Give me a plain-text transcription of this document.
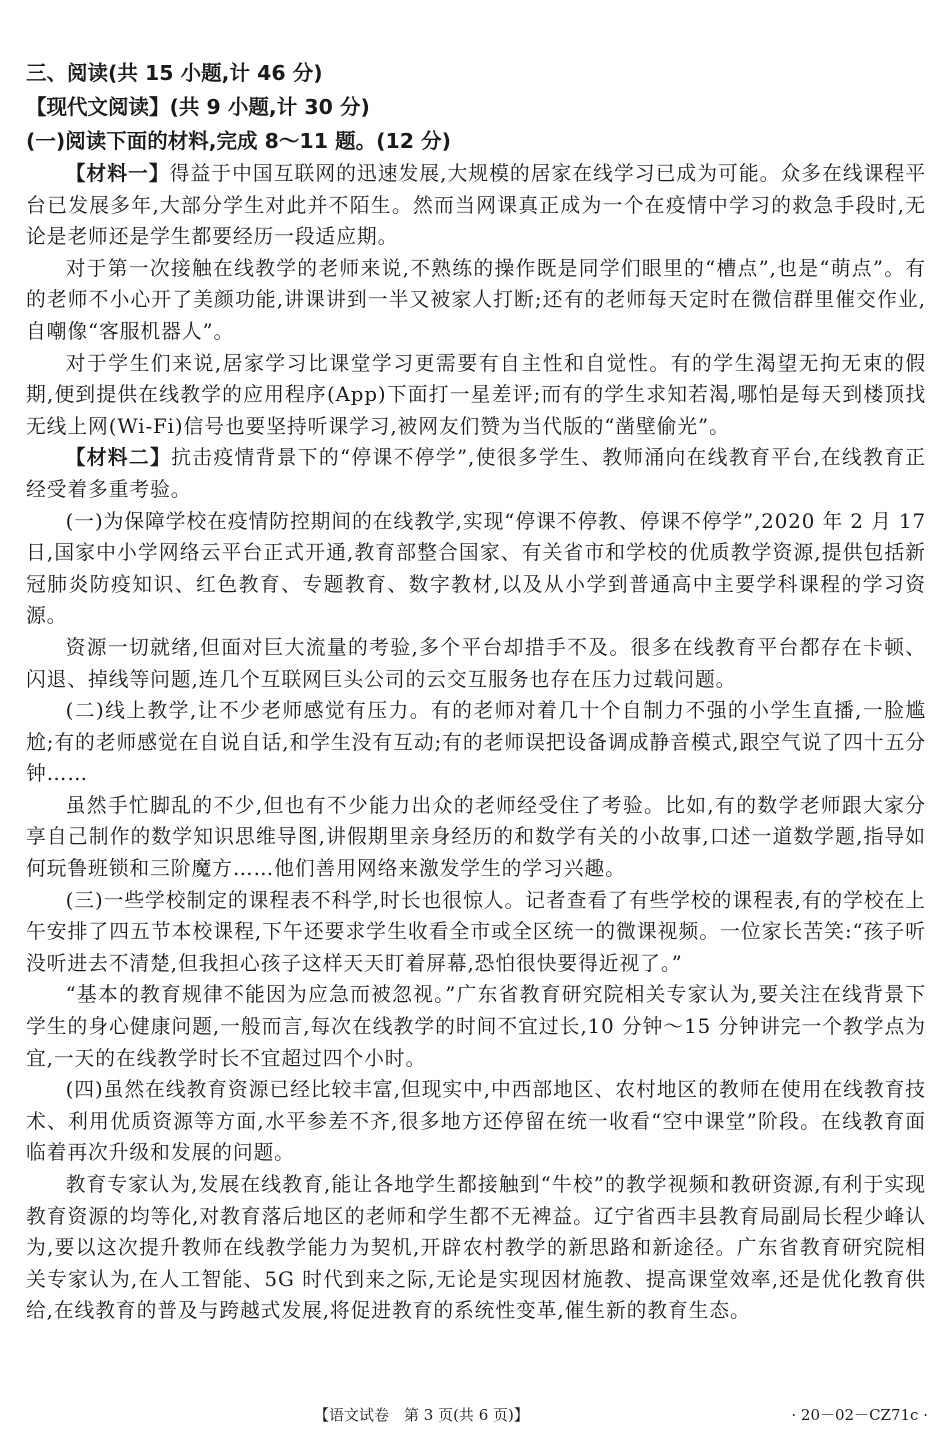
三、阅读(共 15 小题,计 46 分)
【现代文阅读】(共 9 小题,计 30 分)
(一)阅读下面的材料,完成 8～11 题。(12 分)

【材料一】得益于中国互联网的迅速发展,大规模的居家在线学习已成为可能。众多在线课程平台已发展多年,大部分学生对此并不陌生。然而当网课真正成为一个在疫情中学习的救急手段时,无论是老师还是学生都要经历一段适应期。

对于第一次接触在线教学的老师来说,不熟练的操作既是同学们眼里的“槽点”,也是“萌点”。有的老师不小心开了美颜功能,讲课讲到一半又被家人打断;还有的老师每天定时在微信群里催交作业,自嘲像“客服机器人”。

对于学生们来说,居家学习比课堂学习更需要有自主性和自觉性。有的学生渴望无拘无束的假期,便到提供在线教学的应用程序(App)下面打一星差评;而有的学生求知若渴,哪怕是每天到楼顶找无线上网(Wi-Fi)信号也要坚持听课学习,被网友们赞为当代版的“凿壁偷光”。

【材料二】抗击疫情背景下的“停课不停学”,使很多学生、教师涌向在线教育平台,在线教育正经受着多重考验。

(一)为保障学校在疫情防控期间的在线教学,实现“停课不停教、停课不停学”,2020 年 2 月 17 日,国家中小学网络云平台正式开通,教育部整合国家、有关省市和学校的优质教学资源,提供包括新冠肺炎防疫知识、红色教育、专题教育、数字教材,以及从小学到普通高中主要学科课程的学习资源。

资源一切就绪,但面对巨大流量的考验,多个平台却措手不及。很多在线教育平台都存在卡顿、闪退、掉线等问题,连几个互联网巨头公司的云交互服务也存在压力过载问题。

(二)线上教学,让不少老师感觉有压力。有的老师对着几十个自制力不强的小学生直播,一脸尴尬;有的老师感觉在自说自话,和学生没有互动;有的老师误把设备调成静音模式,跟空气说了四十五分钟……

虽然手忙脚乱的不少,但也有不少能力出众的老师经受住了考验。比如,有的数学老师跟大家分享自己制作的数学知识思维导图,讲假期里亲身经历的和数学有关的小故事,口述一道数学题,指导如何玩鲁班锁和三阶魔方……他们善用网络来激发学生的学习兴趣。

(三)一些学校制定的课程表不科学,时长也很惊人。记者查看了有些学校的课程表,有的学校在上午安排了四五节本校课程,下午还要求学生收看全市或全区统一的微课视频。一位家长苦笑:“孩子听没听进去不清楚,但我担心孩子这样天天盯着屏幕,恐怕很快要得近视了。”

“基本的教育规律不能因为应急而被忽视。”广东省教育研究院相关专家认为,要关注在线背景下学生的身心健康问题,一般而言,每次在线教学的时间不宜过长,10 分钟～15 分钟讲完一个教学点为宜,一天的在线教学时长不宜超过四个小时。

(四)虽然在线教育资源已经比较丰富,但现实中,中西部地区、农村地区的教师在使用在线教育技术、利用优质资源等方面,水平参差不齐,很多地方还停留在统一收看“空中课堂”阶段。在线教育面临着再次升级和发展的问题。

教育专家认为,发展在线教育,能让各地学生都接触到“牛校”的教学视频和教研资源,有利于实现教育资源的均等化,对教育落后地区的老师和学生都不无裨益。辽宁省西丰县教育局副局长程少峰认为,要以这次提升教师在线教学能力为契机,开辟农村教学的新思路和新途径。广东省教育研究院相关专家认为,在人工智能、5G 时代到来之际,无论是实现因材施教、提高课堂效率,还是优化教育供给,在线教育的普及与跨越式发展,将促进教育的系统性变革,催生新的教育生态。

【语文试卷　第 3 页(共 6 页)】	· 20－02－CZ71c ·
